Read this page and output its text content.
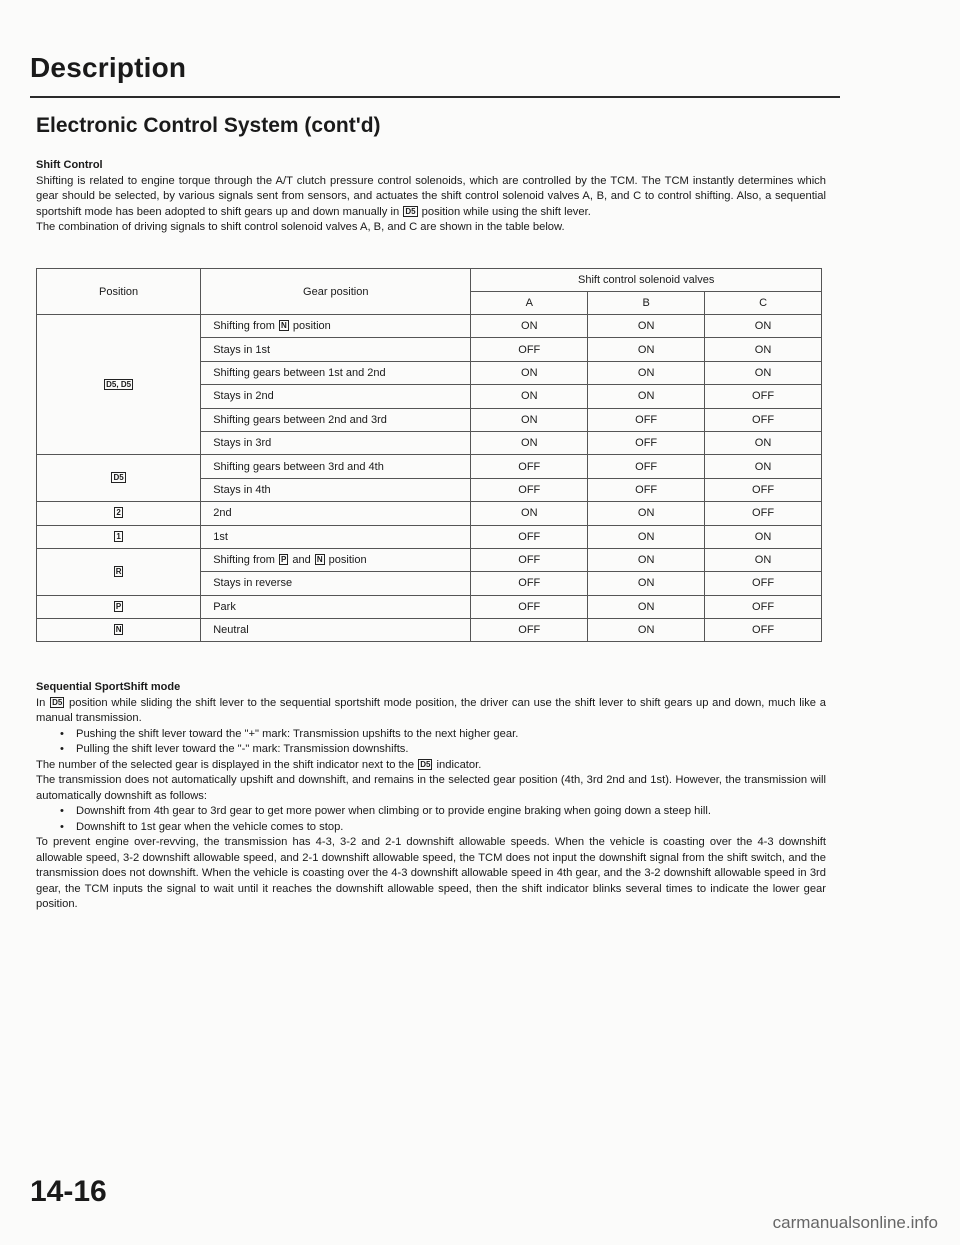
Description
Electronic Control System (cont'd)
Shift Control

Shifting is related to engine torque through the A/T clutch pressure control solenoids, which are controlled by the TCM. The TCM instantly determines which gear should be selected, by various signals sent from sensors, and actuates the shift control solenoid valves A, B, and C to control shifting. Also, a sequential sportshift mode has been adopted to shift gears up and down manually in D5 position while using the shift lever.

The combination of driving signals to shift control solenoid valves A, B, and C are shown in the table below.

Position	Gear position	Shift control solenoid valves		
		A	B	C
D5, D5	Shifting from N position	ON	ON	ON
	Stays in 1st	OFF	ON	ON
	Shifting gears between 1st and 2nd	ON	ON	ON
	Stays in 2nd	ON	ON	OFF
	Shifting gears between 2nd and 3rd	ON	OFF	OFF
	Stays in 3rd	ON	OFF	ON
D5	Shifting gears between 3rd and 4th	OFF	OFF	ON
	Stays in 4th	OFF	OFF	OFF
2	2nd	ON	ON	OFF
1	1st	OFF	ON	ON
R	Shifting from P and N position	OFF	ON	ON
	Stays in reverse	OFF	ON	OFF
P	Park	OFF	ON	OFF
N	Neutral	OFF	ON	OFF
Sequential SportShift mode

In D5 position while sliding the shift lever to the sequential sportshift mode position, the driver can use the shift lever to shift gears up and down, much like a manual transmission.

• Pushing the shift lever toward the "+" mark: Transmission upshifts to the next higher gear.
• Pulling the shift lever toward the "-" mark: Transmission downshifts.

The number of the selected gear is displayed in the shift indicator next to the D5 indicator.

The transmission does not automatically upshift and downshift, and remains in the selected gear position (4th, 3rd 2nd and 1st). However, the transmission will automatically downshift as follows:

• Downshift from 4th gear to 3rd gear to get more power when climbing or to provide engine braking when going down a steep hill.
• Downshift to 1st gear when the vehicle comes to stop.

To prevent engine over-revving, the transmission has 4-3, 3-2 and 2-1 downshift allowable speeds. When the vehicle is coasting over the 4-3 downshift allowable speed, 3-2 downshift allowable speed, and 2-1 downshift allowable speed, the TCM does not input the downshift signal from the shift switch, and the transmission does not downshift. When the vehicle is coasting over the 4-3 downshift allowable speed in 4th gear, and the 3-2 downshift allowable speed in 3rd gear, the TCM inputs the signal to wait until it reaches the downshift allowable speed, then the shift indicator blinks several times to indicate the lower gear position.

14-16
carmanualsonline.info
